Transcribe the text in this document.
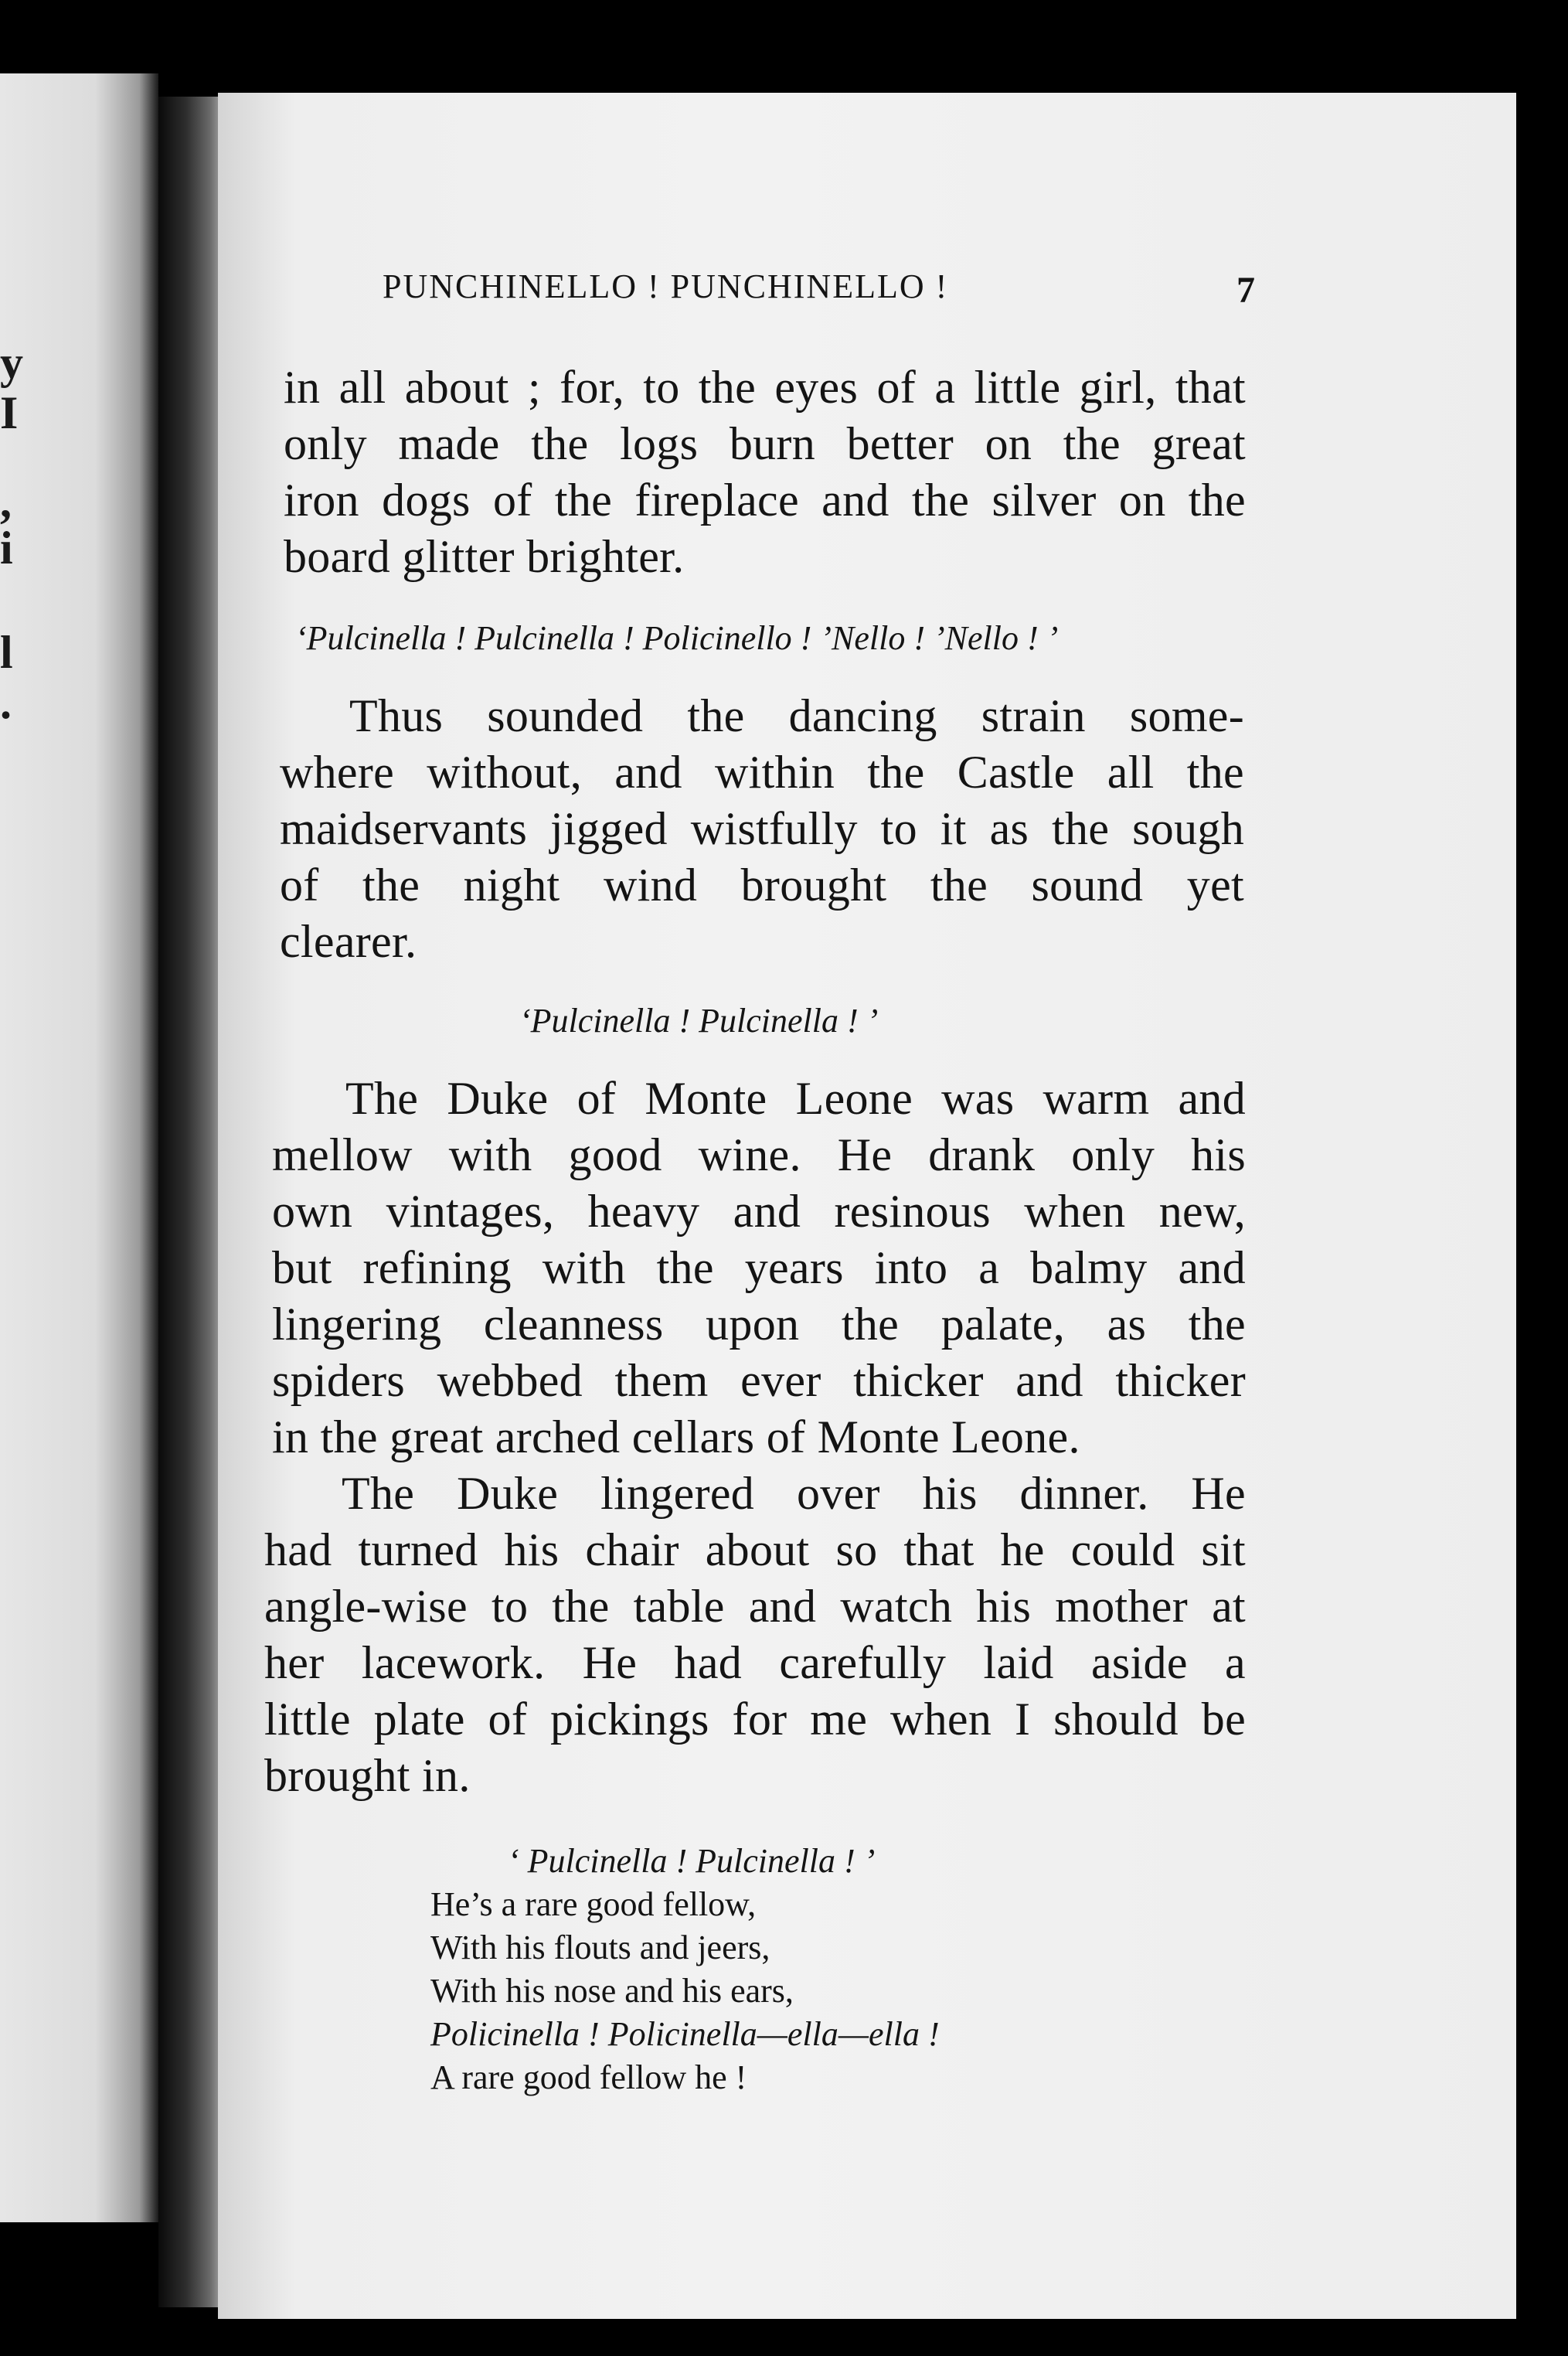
y
I
,
i
l
.
PUNCHINELLO ! PUNCHINELLO !	7
in all about ; for, to the eyes of a little girl, that
only made the logs burn better on the great
iron dogs of the fireplace and the silver on the
board glitter brighter.
‘Pulcinella ! Pulcinella ! Policinello ! ’Nello ! ’Nello ! ’
Thus sounded the dancing strain some-
where without, and within the Castle all the
maidservants jigged wistfully to it as the sough
of the night wind brought the sound yet
clearer.
‘Pulcinella ! Pulcinella ! ’
The Duke of Monte Leone was warm and
mellow with good wine. He drank only his
own vintages, heavy and resinous when new,
but refining with the years into a balmy and
lingering cleanness upon the palate, as the
spiders webbed them ever thicker and thicker
in the great arched cellars of Monte Leone.
The Duke lingered over his dinner. He
had turned his chair about so that he could sit
angle-wise to the table and watch his mother at
her lacework. He had carefully laid aside a
little plate of pickings for me when I should be
brought in.
‘ Pulcinella ! Pulcinella ! ’
He’s a rare good fellow,
With his flouts and jeers,
With his nose and his ears,
Policinella ! Policinella—ella—ella !
A rare good fellow he !
